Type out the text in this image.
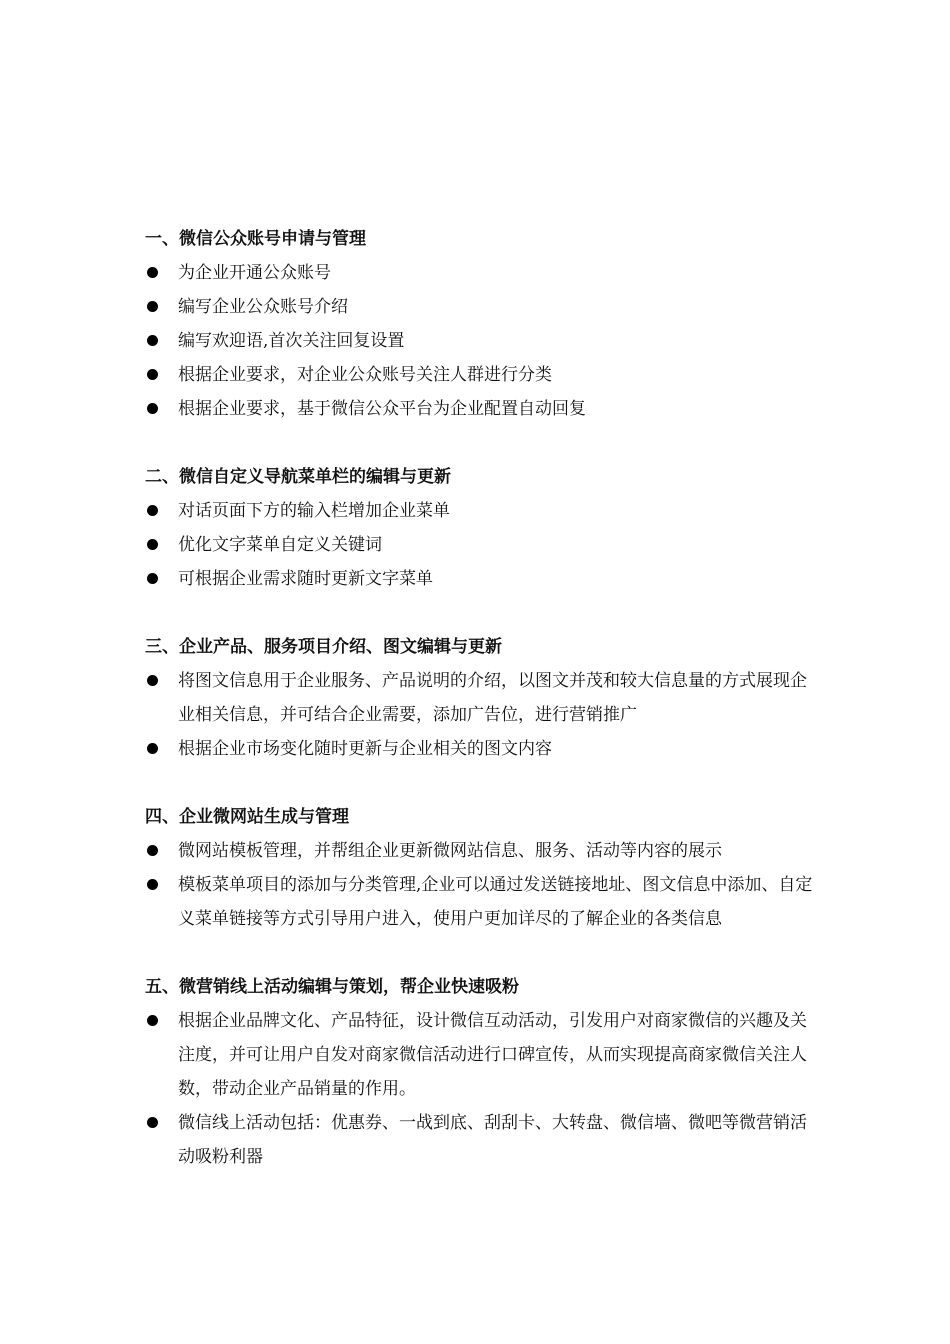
一、微信公众账号申请与管理
为企业开通公众账号
编写企业公众账号介绍
编写欢迎语,首次关注回复设置
根据企业要求，对企业公众账号关注人群进行分类
根据企业要求，基于微信公众平台为企业配置自动回复
二、微信自定义导航菜单栏的编辑与更新
对话页面下方的输入栏增加企业菜单
优化文字菜单自定义关键词
可根据企业需求随时更新文字菜单
三、企业产品、服务项目介绍、图文编辑与更新
将图文信息用于企业服务、产品说明的介绍，以图文并茂和较大信息量的方式展现企业相关信息，并可结合企业需要，添加广告位，进行营销推广
根据企业市场变化随时更新与企业相关的图文内容
四、企业微网站生成与管理
微网站模板管理，并帮组企业更新微网站信息、服务、活动等内容的展示
模板菜单项目的添加与分类管理,企业可以通过发送链接地址、图文信息中添加、自定义菜单链接等方式引导用户进入，使用户更加详尽的了解企业的各类信息
五、微营销线上活动编辑与策划，帮企业快速吸粉
根据企业品牌文化、产品特征，设计微信互动活动，引发用户对商家微信的兴趣及关注度，并可让用户自发对商家微信活动进行口碑宣传，从而实现提高商家微信关注人数，带动企业产品销量的作用。
微信线上活动包括：优惠券、一战到底、刮刮卡、大转盘、微信墙、微吧等微营销活动吸粉利器
